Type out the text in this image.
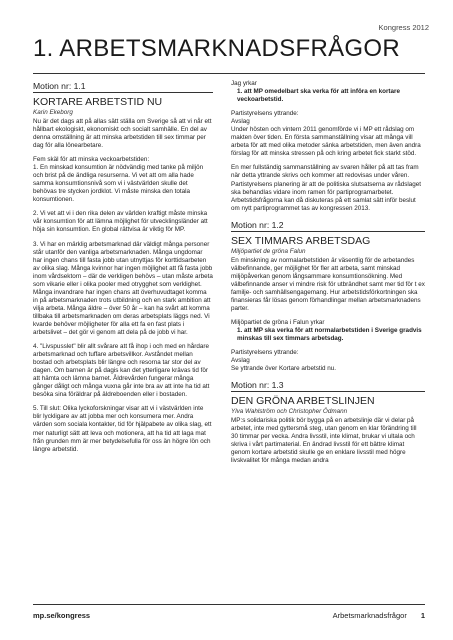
Kongress 2012
1. ARBETSMARKNADSFRÅGOR
Motion nr: 1.1
KORTARE ARBETSTID NU
Karin Ekeborg

Nu är det dags att på allas sätt ställa om Sverige så att vi når ett hållbart ekologiskt, ekonomiskt och socialt samhälle. En del av denna omställning är att minska arbetstiden till sex timmar per dag för alla lönearbetare.

Fem skäl för att minska veckoarbetstiden:

1. En minskad konsumtion är nödvändig med tanke på miljön och brist på de ändliga resurserna. Vi vet att om alla hade samma konsumtionsnivå som vi i västvärlden skulle det behövas tre stycken jordklot. Vi måste minska den totala konsumtionen.

2. Vi vet att vi i den rika delen av världen kraftigt måste minska vår konsumtion för att lämna möjlighet för utvecklingsländer att höja sin konsumtion. En global rättvisa är viktig för MP.

3. Vi har en märklig arbetsmarknad där väldigt många personer står utanför den vanliga arbetsmarknaden. Många ungdomar har ingen chans till fasta jobb utan utnyttjas för korttidsarbeten av olika slag. Många kvinnor har ingen möjlighet att få fasta jobb inom vårdsektorn – där de verkligen behövs – utan måste arbeta som vikarie eller i olika pooler med otrygghet som verklighet. Många invandrare har ingen chans att överhuvudtaget komma in på arbetsmarknaden trots utbildning och en stark ambition att vilja arbeta. Många äldre – över 50 år – kan ha svårt att komma tillbaka till arbetsmarknaden om deras arbetsplats läggs ned. Vi kvarde behöver möjligheter för alla ett fa en fast plats i arbetslivet – det gör vi genom att dela på de jobb vi har.

4. "Livspusslet" blir allt svårare att få ihop i och med en hårdare arbetsmarknad och tuffare arbetsvillkor. Avståndet mellan bostad och arbetsplats blir längre och resorna tar stor del av dagen. Om barnen är på dagis kan det ytterligare krävas tid för att hämta och lämna barnet. Åldrevården fungerar många gånger dåligt och många vuxna går inte bra av att inte ha tid att besöka sina föräldrar på äldreboenden eller i bostaden.

5. Till slut: Olika lyckoforskningar visar att vi i västvärlden inte blir lyckligare av att jobba mer och konsumera mer. Andra värden som sociala kontakter, tid för hjälpabete av olika slag, ett mer naturligt sätt att leva och motionera, att ha tid att laga mat från grunden mm är mer betydelsefulla för oss än högre lön och längre arbetstid.

Jag yrkar

1. att MP omedelbart ska verka för att införa en kortare veckoarbetstid.

Partistyrelsens yttrande:

Avslag

Under hösten och vintern 2011 genomförde vi i MP ett rådslag om makten över tiden. En första sammanställning visar att många vill arbeta för att med olika metoder sänka arbetstiden, men även andra förslag för att minska stressen på och kring arbetet fick starkt stöd.

En mer fullständig sammanställning av svaren håller på att tas fram när detta yttrande skrivs och kommer att redovisas under våren. Partistyrelsens planering är att de politiska slutsatserna av rådslaget ska behandlas vidare inom ramen för partiprogramarbetet. Arbetstidsfrågorna kan då diskuteras på ett samlat sätt inför beslut om nytt partiprogrammet tas av kongressen 2013.

Motion nr: 1.2
SEX TIMMARS ARBETSDAG
Miljöpartiet de gröna Falun

En minskning av normalarbetstiden är väsentlig för de arbetandes välbefinnande, ger möjlighet för fler att arbeta, samt minskad miljöpåverkan genom långsammare konsumtionsökning. Med välbefinnande anser vi mindre risk för utbrändhet samt mer tid för t ex familje- och samhällsengagemang. Hur arbetstidsförkortningen ska finansieras får lösas genom förhandlingar mellan arbetsmarknadens parter.

Miljöpartiet de gröna i Falun yrkar

1. att MP ska verka för att normalarbetstiden i Sverige gradvis minskas till sex timmars arbetsdag.

Partistyrelsens yttrande:

Avslag

Se yttrande över Kortare arbetstid nu.

Motion nr: 1.3
DEN GRÖNA ARBETSLINJEN
Ylva Wahlström och Christopher Ödmann

MP:s solidariska politik bör bygga på en arbetslinje där vi delar på arbetet, inte med gyttersmå steg, utan genom en klar förändring till 30 timmar per vecka. Andra livsstil, inte klimat, brukar vi ultala och skriva i vårt partimaterial. En ändrad livsstil för ett bättre klimat genom kortare arbetstid skulle ge en enklare livsstil med högre livskvalitet för många medan andra

mp.se/kongress	Arbetsmarknadsfrågor 1
